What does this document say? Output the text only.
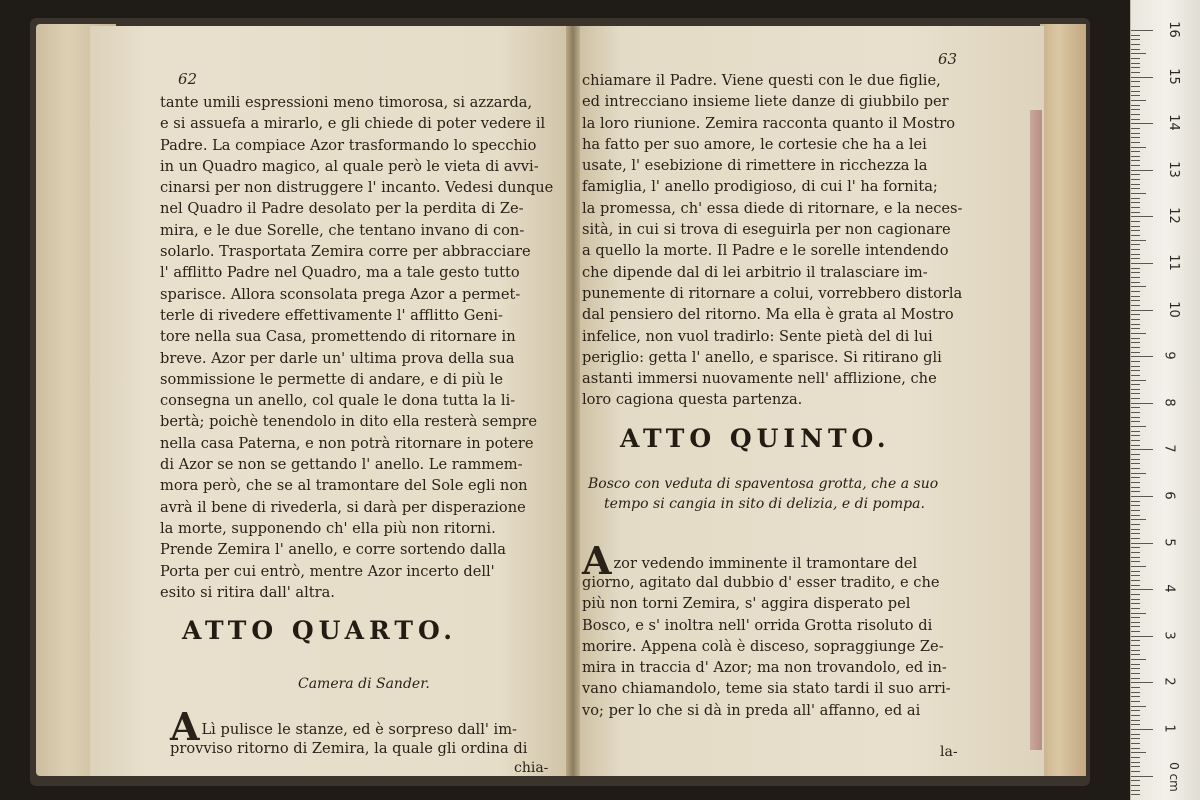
62
tante umili espressioni meno timorosa, si azzarda,
e si assuefa a mirarlo, e gli chiede di poter vedere il
Padre. La compiace Azor trasformando lo specchio
in un Quadro magico, al quale però le vieta di avvi-
cinarsi per non distruggere l' incanto. Vedesi dunque
nel Quadro il Padre desolato per la perdita di Ze-
mira, e le due Sorelle, che tentano invano di con-
solarlo. Trasportata Zemira corre per abbracciare
l' afflitto Padre nel Quadro, ma a tale gesto tutto
sparisce. Allora sconsolata prega Azor a permet-
terle di rivedere effettivamente l' afflitto Geni-
tore nella sua Casa, promettendo di ritornare in
breve. Azor per darle un' ultima prova della sua
sommissione le permette di andare, e di più le
consegna un anello, col quale le dona tutta la li-
bertà; poichè tenendolo in dito ella resterà sempre
nella casa Paterna, e non potrà ritornare in potere
di Azor se non se gettando l' anello. Le rammem-
mora però, che se al tramontare del Sole egli non
avrà il bene di rivederla, si darà per disperazione
la morte, supponendo ch' ella più non ritorni.
Prende Zemira l' anello, e corre sortendo dalla
Porta per cui entrò, mentre Azor incerto dell'
esito si ritira dall' altra.
ATTO QUARTO.
Camera di Sander.
A Lì pulisce le stanze, ed è sorpreso dall' im-
provviso ritorno di Zemira, la quale gli ordina di
chia-
63
chiamare il Padre. Viene questi con le due figlie,
ed intrecciano insieme liete danze di giubbilo per
la loro riunione. Zemira racconta quanto il Mostro
ha fatto per suo amore, le cortesie che ha a lei
usate, l' esebizione di rimettere in ricchezza la
famiglia, l' anello prodigioso, di cui l' ha fornita;
la promessa, ch' essa diede di ritornare, e la neces-
sità, in cui si trova di eseguirla per non cagionare
a quello la morte. Il Padre e le sorelle intendendo
che dipende dal di lei arbitrio il tralasciare im-
punemente di ritornare a colui, vorrebbero distorla
dal pensiero del ritorno. Ma ella è grata al Mostro
infelice, non vuol tradirlo: Sente pietà del di lui
periglio: getta l' anello, e sparisce. Si ritirano gli
astanti immersi nuovamente nell' afflizione, che
loro cagiona questa partenza.
ATTO QUINTO.
Bosco con veduta di spaventosa grotta, che a suo
tempo si cangia in sito di delizia, e di pompa.
Azor vedendo imminente il tramontare del
giorno, agitato dal dubbio d' esser tradito, e che
più non torni Zemira, s' aggira disperato pel
Bosco, e s' inoltra nell' orrida Grotta risoluto di
morire. Appena colà è disceso, sopraggiunge Ze-
mira in traccia d' Azor; ma non trovandolo, ed in-
vano chiamandolo, teme sia stato tardi il suo arri-
vo; per lo che si dà in preda all' affanno, ed ai
la-
0 cm
16
15
14
13
12
11
10
9
8
7
6
5
4
3
2
1
